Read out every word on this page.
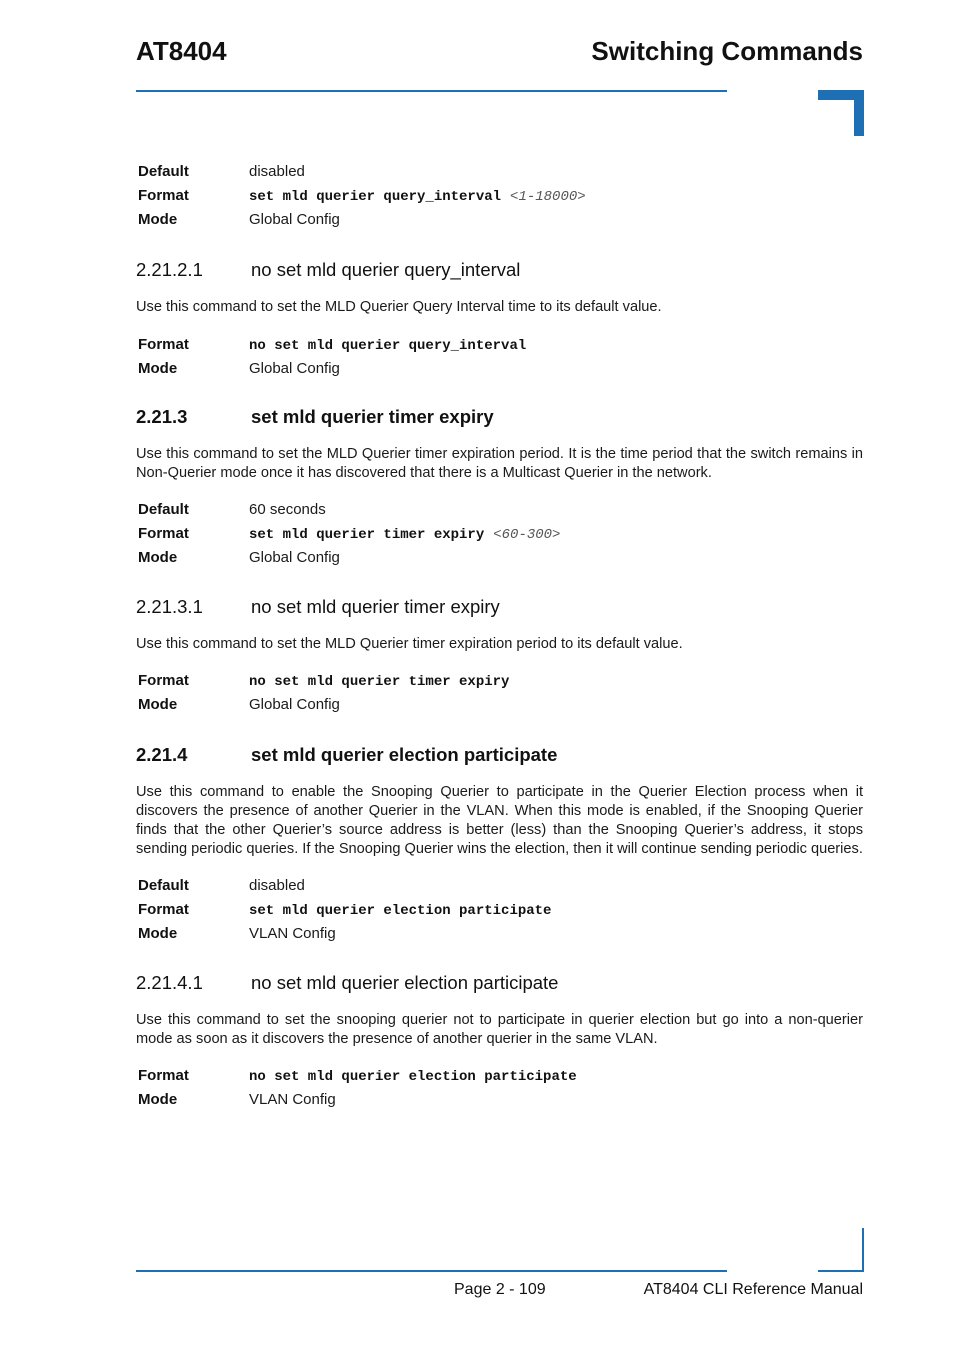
AT8404	Switching Commands
Default	disabled
Format	set mld querier query_interval <1-18000>
Mode	Global Config
2.21.2.1	no set mld querier query_interval

Use this command to set the MLD Querier Query Interval time to its default value.

Format	no set mld querier query_interval
Mode	Global Config
2.21.3	set mld querier timer expiry

Use this command to set the MLD Querier timer expiration period. It is the time period that the switch remains in Non-Querier mode once it has discovered that there is a Multicast Querier in the network.

Default	60 seconds
Format	set mld querier timer expiry <60-300>
Mode	Global Config
2.21.3.1	no set mld querier timer expiry

Use this command to set the MLD Querier timer expiration period to its default value.

Format	no set mld querier timer expiry
Mode	Global Config
2.21.4	set mld querier election participate

Use this command to enable the Snooping Querier to participate in the Querier Election process when it discovers the presence of another Querier in the VLAN. When this mode is enabled, if the Snooping Querier finds that the other Querier’s source address is better (less) than the Snooping Querier’s address, it stops sending periodic queries. If the Snooping Querier wins the election, then it will continue sending periodic queries.

Default	disabled
Format	set mld querier election participate
Mode	VLAN Config
2.21.4.1	no set mld querier election participate

Use this command to set the snooping querier not to participate in querier election but go into a non-querier mode as soon as it discovers the presence of another querier in the same VLAN.

Format	no set mld querier election participate
Mode	VLAN Config
Page 2 - 109	AT8404 CLI Reference Manual
